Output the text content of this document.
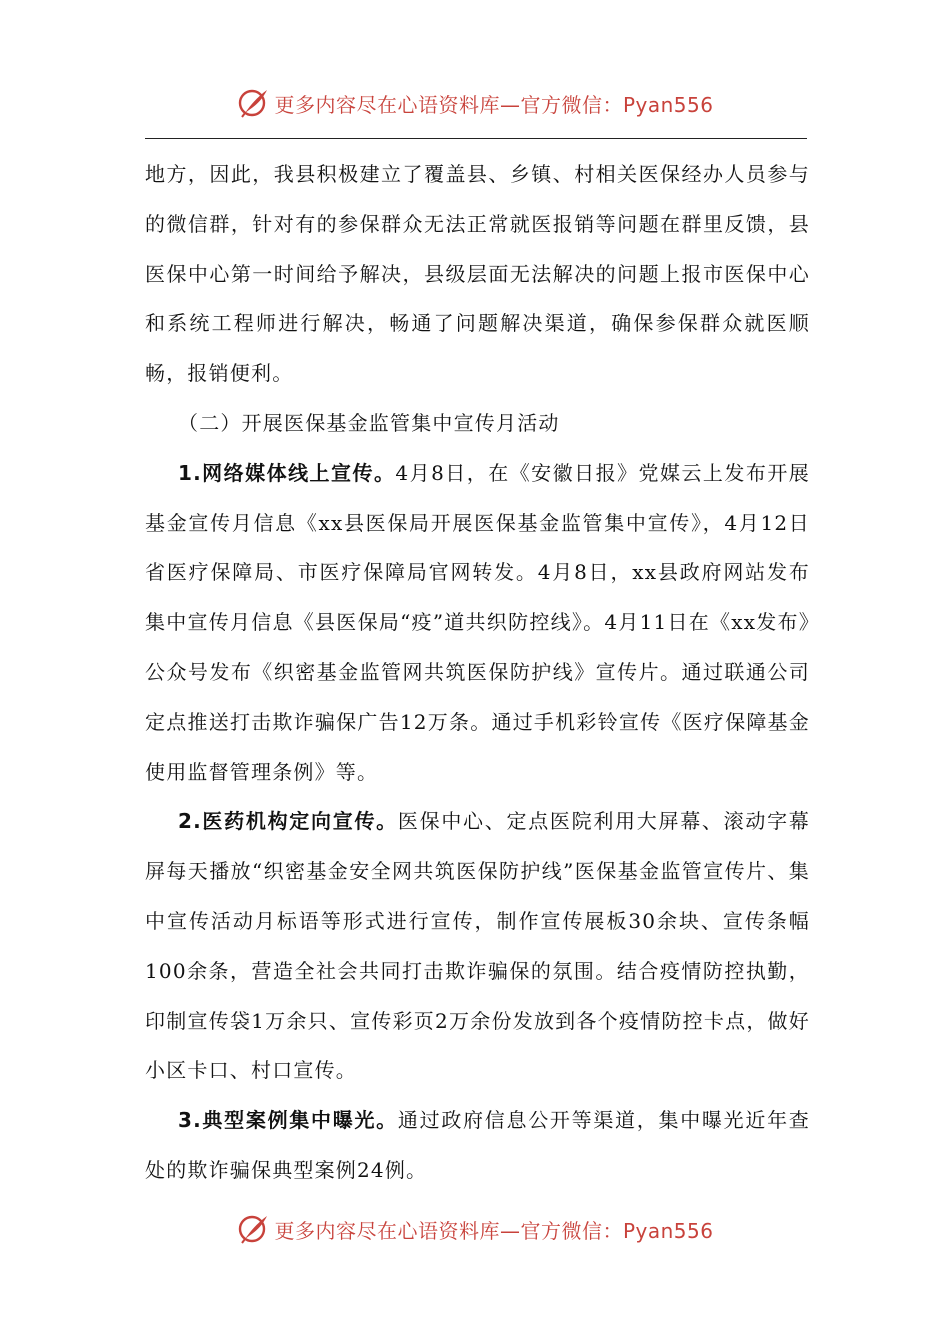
更多内容尽在心语资料库 —官方微信：Pyan556

地方，因此，我县积极建立了覆盖县、乡镇、村相关医保经办人员参与的微信群，针对有的参保群众无法正常就医报销等问题在群里反馈，县医保中心第一时间给予解决，县级层面无法解决的问题上报市医保中心和系统工程师进行解决，畅通了问题解决渠道，确保参保群众就医顺畅，报销便利。

（二）开展医保基金监管集中宣传月活动

1.网络媒体线上宣传。4月8日，在《安徽日报》党媒云上发布开展基金宣传月信息《xx县医保局开展医保基金监管集中宣传》，4月12日省医疗保障局、市医疗保障局官网转发。4月8日，xx县政府网站发布集中宣传月信息《县医保局“疫”道共织防控线》。4月11日在《xx发布》公众号发布《织密基金监管网共筑医保防护线》宣传片。通过联通公司定点推送打击欺诈骗保广告12万条。通过手机彩铃宣传《医疗保障基金使用监督管理条例》等。

2.医药机构定向宣传。医保中心、定点医院利用大屏幕、滚动字幕屏每天播放“织密基金安全网共筑医保防护线”医保基金监管宣传片、集中宣传活动月标语等形式进行宣传，制作宣传展板30余块、宣传条幅100余条，营造全社会共同打击欺诈骗保的氛围。结合疫情防控执勤，印制宣传袋1万余只、宣传彩页2万余份发放到各个疫情防控卡点，做好小区卡口、村口宣传。

3.典型案例集中曝光。通过政府信息公开等渠道，集中曝光近年查处的欺诈骗保典型案例24例。

更多内容尽在心语资料库 —官方微信：Pyan556
